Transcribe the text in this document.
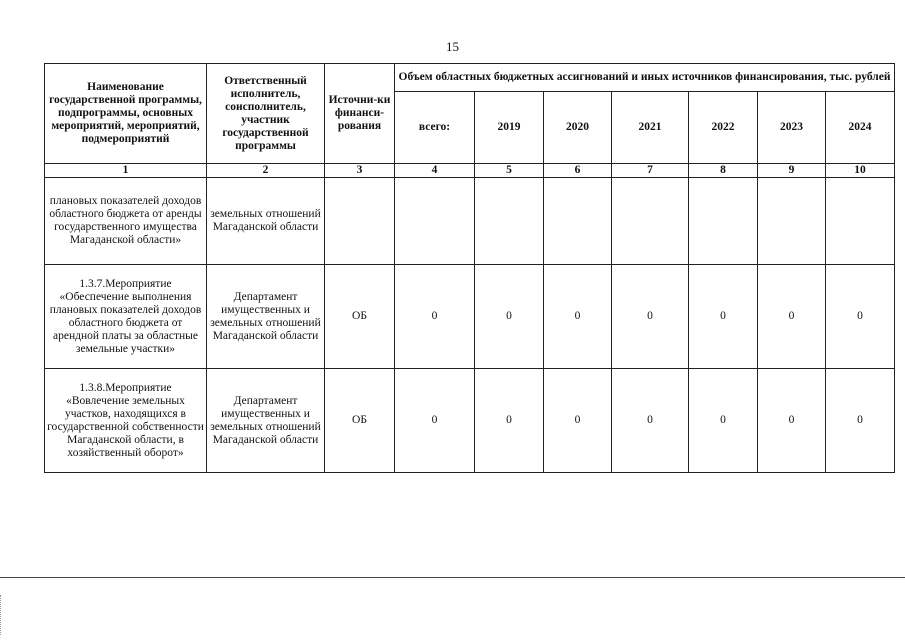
15
Наименование государственной программы, подпрограммы, основных мероприятий, мероприятий, подмероприятий	Ответственный исполнитель, соисполнитель, участник государственной программы	Источни-ки финанси-рования	Объем областных бюджетных ассигнований и иных источников финансирования, тыс. рублей						
			всего:	2019	2020	2021	2022	2023	2024
1	2	3	4	5	6	7	8	9	10
плановых показателей доходов областного бюджета от аренды государственного имущества Магаданской области»	земельных отношений Магаданской области								
1.3.7.Мероприятие «Обеспечение выполнения плановых показателей доходов областного бюджета от арендной платы за областные земельные участки»	Департамент имущественных и земельных отношений Магаданской области	ОБ	0	0	0	0	0	0	0
1.3.8.Мероприятие «Вовлечение земельных участков, находящихся в государственной собственности Магаданской области, в хозяйственный оборот»	Департамент имущественных и земельных отношений Магаданской области	ОБ	0	0	0	0	0	0	0
